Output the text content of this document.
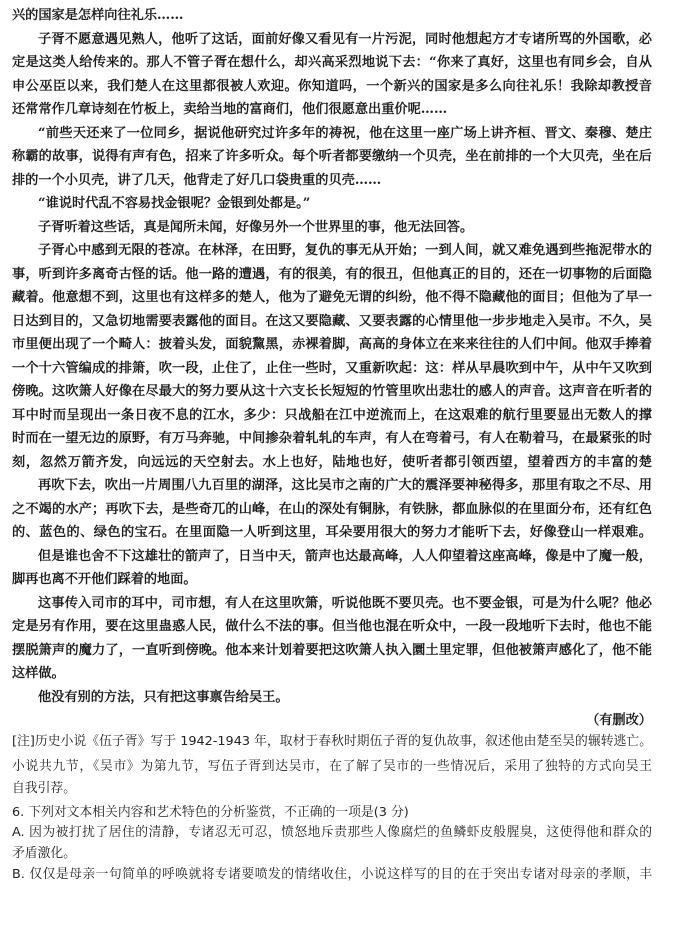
兴的国家是怎样向往礼乐……
子胥不愿意遇见熟人，他听了这话，面前好像又看见有一片污泥，同时他想起方才专诸所骂的外国歌，必
定是这类人给传来的。那人不管子胥在想什么，却兴高采烈地说下去：“你来了真好，这里也有同乡会，自从
申公巫臣以来，我们楚人在这里都很被人欢迎。你知道吗，一个新兴的国家是多么向往礼乐！我除却教授音
还常常作几章诗刻在竹板上，卖给当地的富商们，他们很愿意出重价呢……
“前些天还来了一位同乡，据说他研究过许多年的祷祝，他在这里一座广场上讲齐桓、晋文、秦穆、楚庄
称霸的故事，说得有声有色，招来了许多听众。每个听者都要缴纳一个贝壳，坐在前排的一个大贝壳，坐在后
排的一个小贝壳，讲了几天，他背走了好几口袋贵重的贝壳……
“谁说时代乱不容易找金银呢？金银到处都是。”
子胥听着这些话，真是闻所未闻，好像另外一个世界里的事，他无法回答。
子胥心中感到无限的苍凉。在林泽，在田野，复仇的事无从开始；一到人间，就又难免遇到些拖泥带水的
事，听到许多离奇古怪的话。他一路的遭遇，有的很美，有的很丑，但他真正的目的，还在一切事物的后面隐
藏着。他意想不到，这里也有这样多的楚人，他为了避免无谓的纠纷，他不得不隐藏他的面目；但他为了早一
日达到目的，又急切地需要表露他的面目。在这又要隐藏、又要表露的心情里他一步步地走入吴市。不久，吴
市里便出现了一个畸人：披着头发，面貌黧黑，赤裸着脚，高高的身体立在来来往往的人们中间。他双手捧着
一个十六管编成的排箫，吹一段，止住了，止住一些时，又重新吹起：这：样从早晨吹到中午，从中午又吹到
傍晚。这吹箫人好像在尽最大的努力要从这十六支长长短短的竹管里吹出悲壮的感人的声音。这声音在听者的
耳中时而呈现出一条日夜不息的江水，多少：只战船在江中逆流而上，在这艰难的航行里要显出无数人的撑
时而在一望无边的原野，有万马奔驰，中间掺杂着轧轧的车声，有人在弯着弓，有人在勒着马，在最紧张的时
刻，忽然万箭齐发，向远远的天空射去。水上也好，陆地也好，使听者都引领西望，望着西方的丰富的楚
再吹下去，吹出一片周围八九百里的湖泽，这比吴市之南的广大的震泽要神秘得多，那里有取之不尽、用
之不竭的水产；再吹下去，是些奇兀的山峰，在山的深处有铜脉，有铁脉，都血脉似的在里面分布，还有红色
的、蓝色的、绿色的宝石。在里面隐一人听到这里，耳朵要用很大的努力才能听下去，好像登山一样艰难。
但是谁也舍不下这雄壮的箭声了，日当中天，箭声也达最高峰，人人仰望着这座高峰，像是中了魔一般，
脚再也离不开他们踩着的地面。
这事传入司市的耳中，司市想，有人在这里吹箫，听说他既不要贝壳。也不要金银，可是为什么呢？他必
定是另有作用，要在这里蛊惑人民，做什么不法的事。但当他也混在听众中，一段一段地听下去时，他也不能
摆脱箫声的魔力了，一直听到傍晚。他本来计划着要把这吹箫人执入圜土里定罪，但他被箫声感化了，他不能
这样做。
他没有别的方法，只有把这事禀告给吴王。
（有删改）
[注]历史小说《伍子胥》写于 1942-1943 年，取材于春秋时期伍子胥的复仇故事，叙述他由楚至吴的辗转逃亡。
小说共九节，《吴市》为第九节，写伍子胥到达吴市，在了解了吴市的一些情况后，采用了独特的方式向吴王
自我引荐。
6. 下列对文本相关内容和艺术特色的分析鉴赏，不正确的一项是(3 分)
A. 因为被打扰了居住的清静，专诸忍无可忍，愤怒地斥责那些人像腐烂的鱼鳞虾皮般腥臭，这使得他和群众的
矛盾激化。
B. 仅仅是母亲一句简单的呼唤就将专诸要喷发的情绪收住，小说这样写的目的在于突出专诸对母亲的孝顺，丰
